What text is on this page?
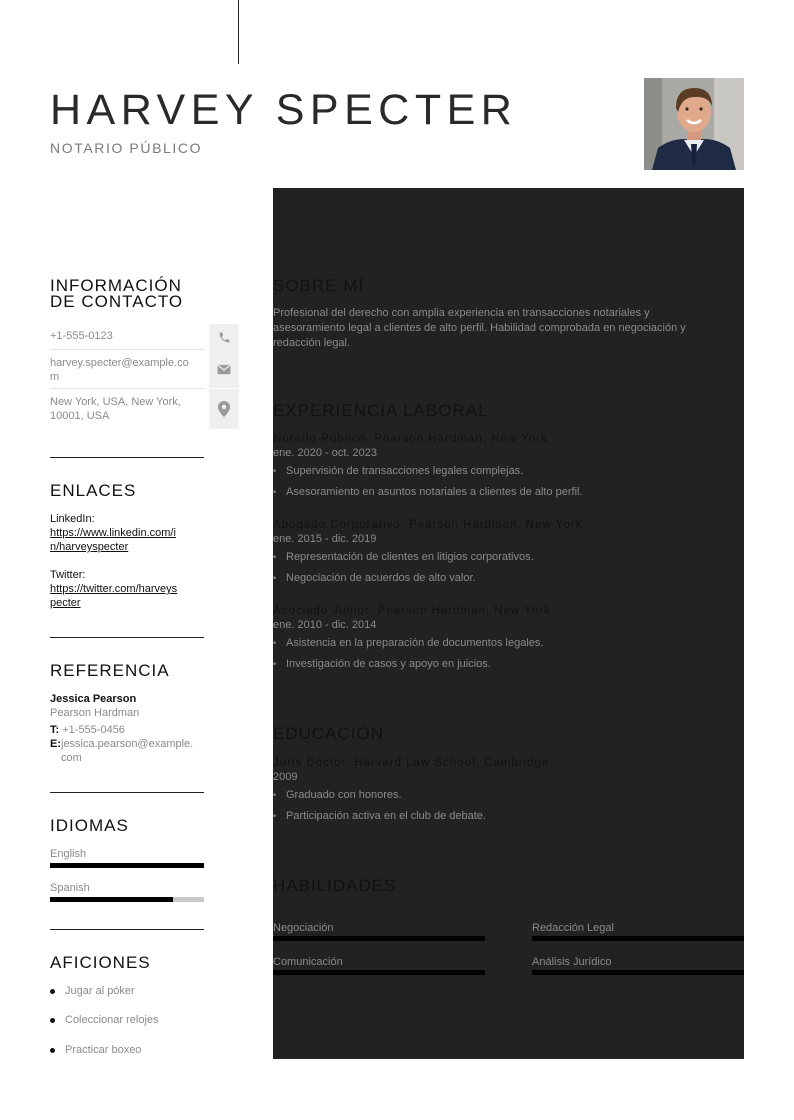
HARVEY SPECTER
NOTARIO PÚBLICO
INFORMACIÓN
DE CONTACTO
+1-555-0123
harvey.specter@example.co
m
New York, USA, New York,
10001, USA
ENLACES
LinkedIn:
https://www.linkedin.com/i
n/harveyspecter
Twitter:
https://twitter.com/harveys
pecter
REFERENCIA
Jessica Pearson
Pearson Hardman
T: +1-555-0456
E:jessica.pearson@example.
com
IDIOMAS
English
Spanish
AFICIONES
Jugar al póker
Coleccionar relojes
Practicar boxeo
SOBRE MÍ
Profesional del derecho con amplia experiencia en transacciones notariales y
asesoramiento legal a clientes de alto perfil. Habilidad comprobada en negociación y
redacción legal.
EXPERIENCIA LABORAL
Notario Público, Pearson Hardman, New York
ene. 2020 - oct. 2023
• Supervisión de transacciones legales complejas.
• Asesoramiento en asuntos notariales a clientes de alto perfil.
Abogado Corporativo, Pearson Hardman, New York
ene. 2015 - dic. 2019
• Representación de clientes en litigios corporativos.
• Negociación de acuerdos de alto valor.
Asociado Junior, Pearson Hardman, New York
ene. 2010 - dic. 2014
• Asistencia en la preparación de documentos legales.
• Investigación de casos y apoyo en juicios.
EDUCACIÓN
Juris Doctor, Harvard Law School, Cambridge
2009
• Graduado con honores.
• Participación activa en el club de debate.
HABILIDADES
Negociación	Redacción Legal
Comunicación	Análisis Jurídico
